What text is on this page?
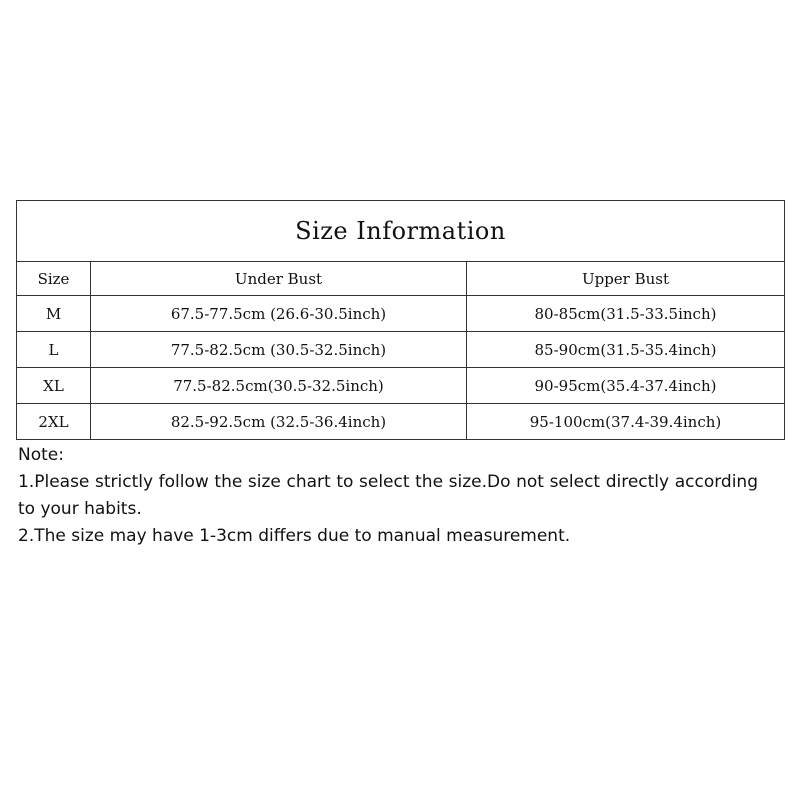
Size Information		
Size	Under Bust	Upper Bust
M	67.5-77.5cm (26.6-30.5inch)	80-85cm(31.5-33.5inch)
L	77.5-82.5cm (30.5-32.5inch)	85-90cm(31.5-35.4inch)
XL	77.5-82.5cm(30.5-32.5inch)	90-95cm(35.4-37.4inch)
2XL	82.5-92.5cm (32.5-36.4inch)	95-100cm(37.4-39.4inch)

Note:

1.Please strictly follow the size chart to select the size.Do not select directly according to your habits.

2.The size may have 1-3cm differs due to manual measurement.
